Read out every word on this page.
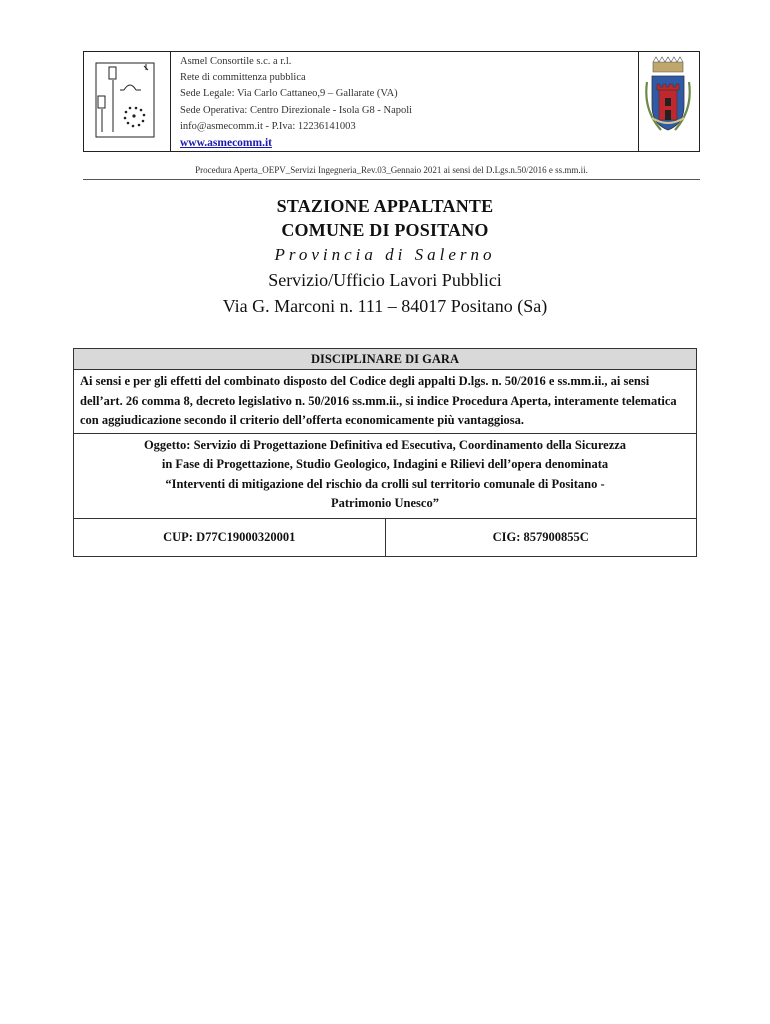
Asmel Consortile s.c. a r.l.
Rete di committenza pubblica
Sede Legale: Via Carlo Cattaneo,9 – Gallarate (VA)
Sede Operativa: Centro Direzionale - Isola G8 - Napoli
info@asmecomm.it - P.Iva: 12236141003
www.asmecomm.it
Procedura Aperta_OEPV_Servizi Ingegneria_Rev.03_Gennaio 2021 ai sensi del D.Lgs.n.50/2016 e ss.mm.ii.
STAZIONE APPALTANTE
COMUNE DI POSITANO
Provincia di Salerno
Servizio/Ufficio Lavori Pubblici
Via G. Marconi n. 111 – 84017 Positano (Sa)
DISCIPLINARE DI GARA
Ai sensi e per gli effetti del combinato disposto del Codice degli appalti D.lgs. n. 50/2016 e ss.mm.ii., ai sensi dell’art. 26 comma 8, decreto legislativo n. 50/2016 ss.mm.ii., si indice Procedura Aperta, interamente telematica con aggiudicazione secondo il criterio dell’offerta economicamente più vantaggiosa.
Oggetto: Servizio di Progettazione Definitiva ed Esecutiva, Coordinamento della Sicurezza
in Fase di Progettazione, Studio Geologico, Indagini e Rilievi dell’opera denominata
“Interventi di mitigazione del rischio da crolli sul territorio comunale di Positano -
Patrimonio Unesco”
CUP: D77C19000320001	CIG: 857900855C
